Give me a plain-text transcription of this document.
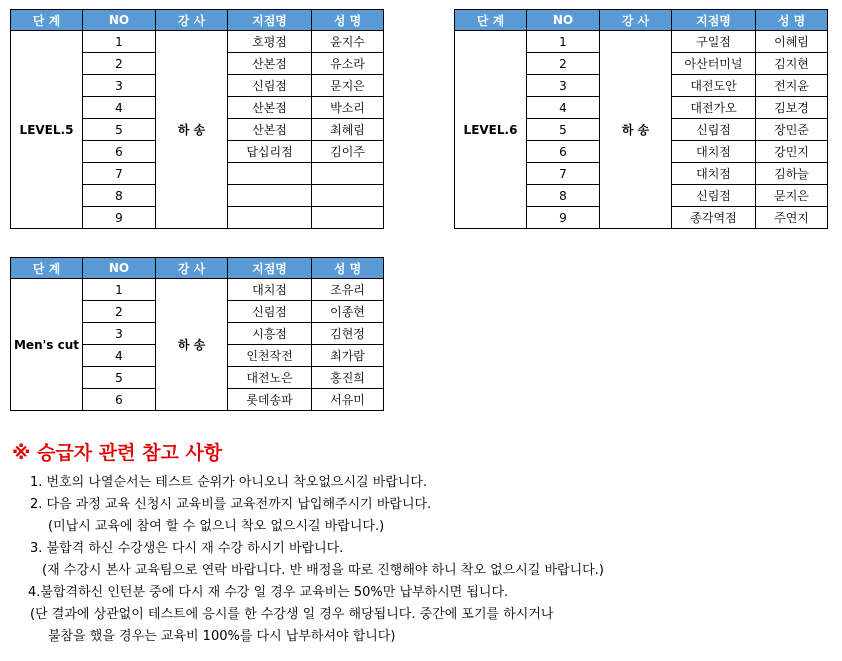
단 계	NO	강 사	지점명	성 명
LEVEL.5	1	하 송	호평점	윤지수
	2		산본점	유소라
	3		신림점	문지은
	4		산본점	박소리
	5		산본점	최혜림
	6		답십리점	김이주
	7			
	8			
	9			
단 계	NO	강 사	지점명	성 명
LEVEL.6	1	하 송	구일점	이혜림
	2		아산터미널	김지현
	3		대전도안	전지윤
	4		대전가오	김보경
	5		신림점	장민준
	6		대치점	강민지
	7		대치점	김하늘
	8		신림점	문지은
	9		종각역점	주연지
단 계	NO	강 사	지점명	성 명
Men's cut	1	하 송	대치점	조유리
	2		신림점	이종현
	3		시흥점	김현정
	4		인천작전	최가람
	5		대전노은	홍진희
	6		롯데송파	서유미
※ 승급자 관련 참고 사항
1. 번호의 나열순서는 테스트 순위가 아니오니 착오없으시길 바랍니다.
2. 다음 과정 교육 신청시 교육비를 교육전까지 납입해주시기 바랍니다.
(미납시 교육에 참여 할 수 없으니 착오 없으시길 바랍니다.)
3. 불합격 하신 수강생은 다시 재 수강 하시기 바랍니다.
(재 수강시 본사 교육팀으로 연락 바랍니다. 반 배정을 따로 진행해야 하니 착오 없으시길 바랍니다.)
4.불합격하신 인턴분 중에 다시 재 수강 일 경우 교육비는 50%만 납부하시면 됩니다.
(단 결과에 상관없이 테스트에 응시를 한 수강생 일 경우 해당됩니다. 중간에 포기를 하시거나
불참을 했을 경우는 교육비 100%를 다시 납부하셔야 합니다)
